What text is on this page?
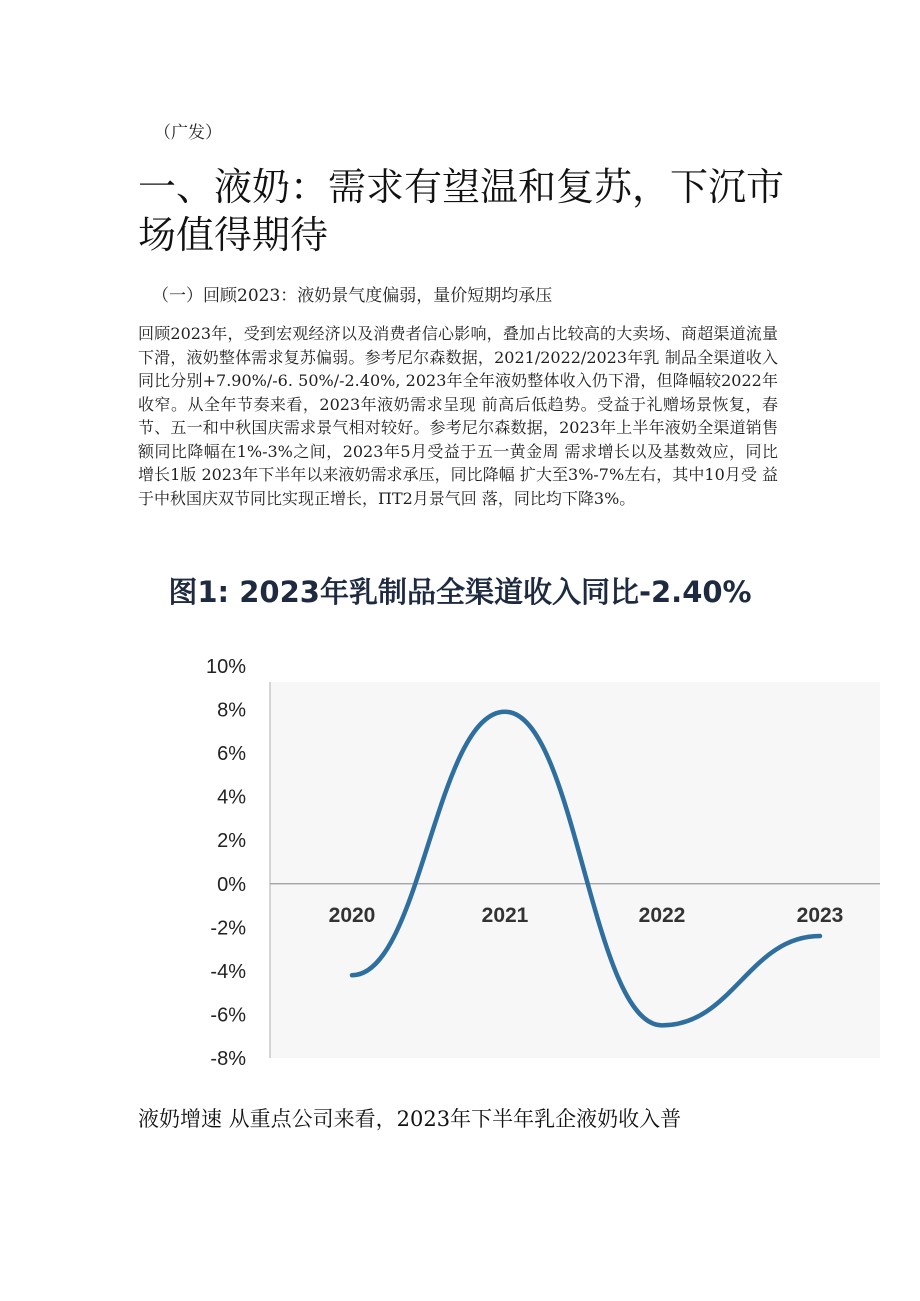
（广发）
一、液奶：需求有望温和复苏，下沉市场值得期待
（一）回顾2023：液奶景气度偏弱，量价短期均承压
回顾2023年，受到宏观经济以及消费者信心影响，叠加占比较高的大卖场、商超渠道流量下滑，液奶整体需求复苏偏弱。参考尼尔森数据，2021/2022/2023年乳 制品全渠道收入同比分别+7.90%/-6. 50%/-2.40%, 2023年全年液奶整体收入仍下滑，但降幅较2022年收窄。从全年节奏来看，2023年液奶需求呈现 前高后低趋势。受益于礼赠场景恢复，春节、五一和中秋国庆需求景气相对较好。参考尼尔森数据，2023年上半年液奶全渠道销售额同比降幅在1%-3%之间，2023年5月受益于五一黄金周 需求增长以及基数效应，同比增长1版 2023年下半年以来液奶需求承压，同比降幅 扩大至3%-7%左右，其中10月受 益于中秋国庆双节同比实现正增长，ΠT2月景气回 落，同比均下降3%。
图1: 2023年乳制品全渠道收入同比-2.40%
10%
8%
6%
4%
2%
0%
-2%
-4%
-6%
-8%
2020	2021	2022	2023
液奶增速 从重点公司来看，2023年下半年乳企液奶收入普
